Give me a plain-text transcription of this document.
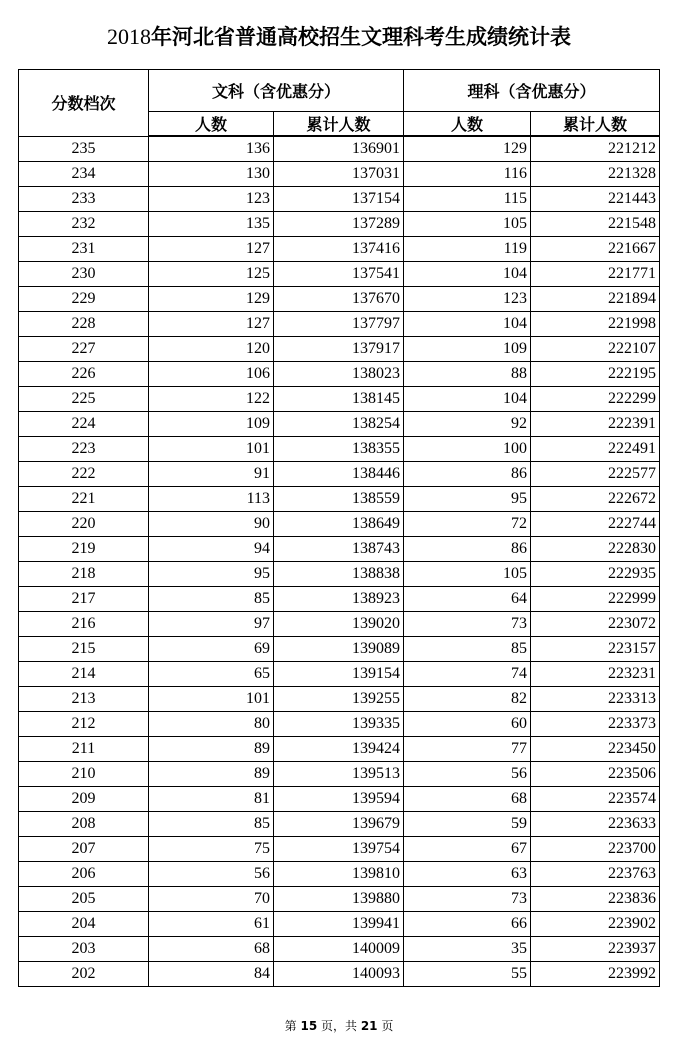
2018年河北省普通高校招生文理科考生成绩统计表
分数档次	文科（含优惠分）		理科（含优惠分）	
	人数	累计人数	人数	累计人数
235	136	136901	129	221212
234	130	137031	116	221328
233	123	137154	115	221443
232	135	137289	105	221548
231	127	137416	119	221667
230	125	137541	104	221771
229	129	137670	123	221894
228	127	137797	104	221998
227	120	137917	109	222107
226	106	138023	88	222195
225	122	138145	104	222299
224	109	138254	92	222391
223	101	138355	100	222491
222	91	138446	86	222577
221	113	138559	95	222672
220	90	138649	72	222744
219	94	138743	86	222830
218	95	138838	105	222935
217	85	138923	64	222999
216	97	139020	73	223072
215	69	139089	85	223157
214	65	139154	74	223231
213	101	139255	82	223313
212	80	139335	60	223373
211	89	139424	77	223450
210	89	139513	56	223506
209	81	139594	68	223574
208	85	139679	59	223633
207	75	139754	67	223700
206	56	139810	63	223763
205	70	139880	73	223836
204	61	139941	66	223902
203	68	140009	35	223937
202	84	140093	55	223992
第 15 页，共 21 页
